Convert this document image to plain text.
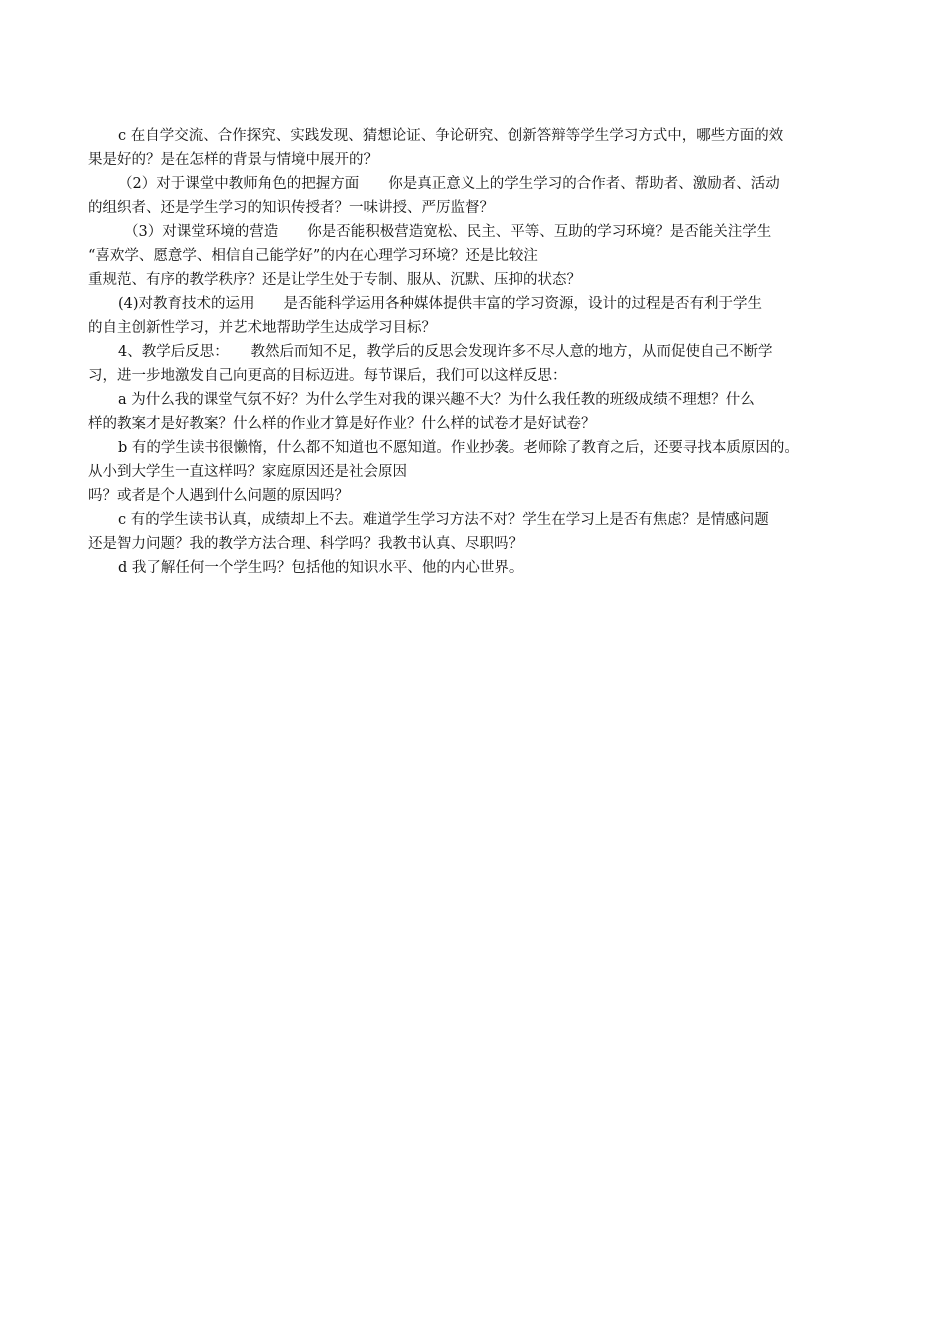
c 在自学交流、合作探究、实践发现、猜想论证、争论研究、创新答辩等学生学习方式中，哪些方面的效
果是好的？是在怎样的背景与情境中展开的？
（2）对于课堂中教师角色的把握方面　　你是真正意义上的学生学习的合作者、帮助者、激励者、活动
的组织者、还是学生学习的知识传授者？一味讲授、严厉监督？
（3）对课堂环境的营造　　你是否能积极营造宽松、民主、平等、互助的学习环境？是否能关注学生
“喜欢学、愿意学、相信自己能学好”的内在心理学习环境？还是比较注
重规范、有序的教学秩序？还是让学生处于专制、服从、沉默、压抑的状态？
(4)对教育技术的运用　　是否能科学运用各种媒体提供丰富的学习资源，设计的过程是否有利于学生
的自主创新性学习，并艺术地帮助学生达成学习目标？
4、教学后反思：　　教然后而知不足，教学后的反思会发现许多不尽人意的地方，从而促使自己不断学
习，进一步地激发自己向更高的目标迈进。每节课后，我们可以这样反思：
a 为什么我的课堂气氛不好？为什么学生对我的课兴趣不大？为什么我任教的班级成绩不理想？什么
样的教案才是好教案？什么样的作业才算是好作业？什么样的试卷才是好试卷？
b 有的学生读书很懒惰，什么都不知道也不愿知道。作业抄袭。老师除了教育之后，还要寻找本质原因的。
从小到大学生一直这样吗？家庭原因还是社会原因
吗？或者是个人遇到什么问题的原因吗？
c 有的学生读书认真，成绩却上不去。难道学生学习方法不对？学生在学习上是否有焦虑？是情感问题
还是智力问题？我的教学方法合理、科学吗？我教书认真、尽职吗？
d 我了解任何一个学生吗？包括他的知识水平、他的内心世界。
